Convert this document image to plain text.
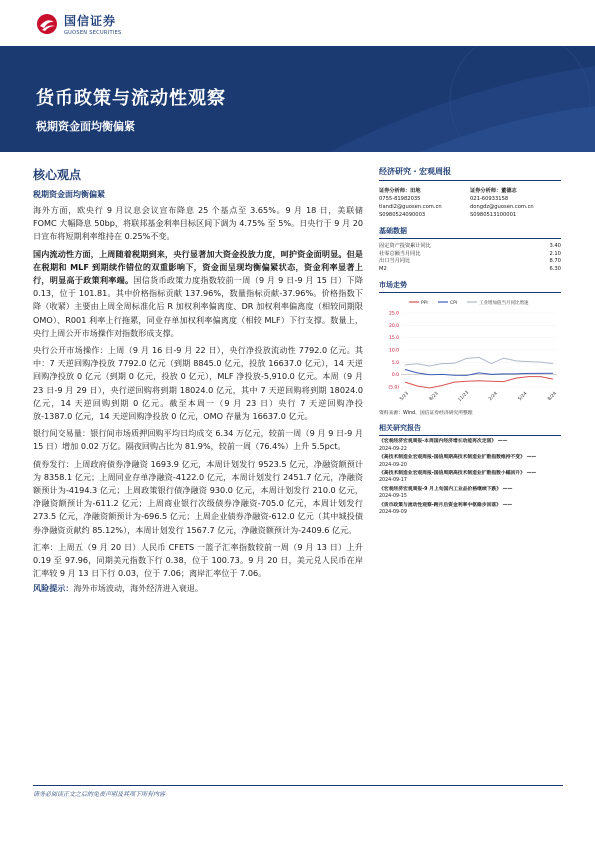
国信证券
GUOSEN SECURITIES
货币政策与流动性观察
税期资金面均衡偏紧
核心观点
税期资金面均衡偏紧
海外方面，欧央行 9 月议息会议宣布降息 25 个基点至 3.65%。9 月 18 日，美联储 FOMC 大幅降息 50bp，将联邦基金利率目标区间下调为 4.75% 至 5%。日央行于 9 月 20 日宣布将短期利率维持在 0.25%不变。
国内流动性方面，上周随着税期到来，央行显著加大资金投放力度，呵护资金面明显。但是在税期和 MLF 到期续作错位的双重影响下，资金面呈现均衡偏紧状态，资金利率显著上行，明显高于政策利率端。国信货币政策力度指数较前一周（9 月 9 日-9 月 15 日）下降 0.13，位于 101.81。其中价格指标贡献 137.96%，数量指标贡献-37.96%。价格指数下降（收紧）主要由上周全周标准化后 R 加权利率偏离度、DR 加权利率偏离度（相较同期限 OMO）、R001 利率上行拖累，同业存单加权利率偏离度（相较 MLF）下行支撑。数量上，央行上周公开市场操作对指数形成支撑。
央行公开市场操作：上周（9 月 16 日-9 月 22 日），央行净投放流动性 7792.0 亿元。其中：7 天逆回购净投放 7792.0 亿元（到期 8845.0 亿元，投放 16637.0 亿元），14 天逆回购净投放 0 亿元（到期 0 亿元，投放 0 亿元），MLF 净投放-5,910.0 亿元。本周（9 月 23 日-9 月 29 日），央行逆回购将到期 18024.0 亿元，其中 7 天逆回购将到期 18024.0 亿元，14 天逆回购到期 0 亿元。截至本周一（9 月 23 日）央行 7 天逆回购净投放-1387.0 亿元，14 天逆回购净投放 0 亿元，OMO 存量为 16637.0 亿元。
银行间交易量：银行间市场质押回购平均日均成交 6.34 万亿元，较前一周（9 月 9 日-9 月 15 日）增加 0.02 万亿。隔夜回购占比为 81.9%，较前一周（76.4%）上升 5.5pct。
债券发行：上周政府债券净融资 1693.9 亿元，本周计划发行 9523.5 亿元，净融资额预计为 8358.1 亿元；上周同业存单净融资-4122.0 亿元，本周计划发行 2451.7 亿元，净融资额预计为-4194.3 亿元；上周政策银行债净融资 930.0 亿元，本周计划发行 210.0 亿元，净融资额预计为-611.2 亿元；上周商业银行次级债券净融资-705.0 亿元，本周计划发行 273.5 亿元，净融资额预计为-696.5 亿元；上周企业债券净融资-612.0 亿元（其中城投债券净融资贡献约 85.12%），本周计划发行 1567.7 亿元，净融资额预计为-2409.6 亿元。
汇率：上周五（9 月 20 日）人民币 CFETS 一篮子汇率指数较前一周（9 月 13 日）上升 0.19 至 97.96，同期美元指数下行 0.38，位于 100.73。9 月 20 日，美元兑人民币在岸汇率较 9 月 13 日下行 0.03，位于 7.06；离岸汇率位于 7.06。
风险提示：海外市场波动，海外经济进入衰退。
经济研究・宏观周报
证券分析师：田地
0755-81982035
tiandi2@guosen.com.cn
S0980524090003
证券分析师：董德志
021-60933158
dongdz@guosen.com.cn
S0980513100001
基础数据
固定资产投资累计同比	3.40
社零总额当月同比	2.10
出口当月同比	8.70
M2	6.30
市场走势
PPI	CPI	工业增加值当月同比增速
(5.0)
0.0
5.0
10.0
15.0
20.0
25.0
5/23	8/23	11/23	2/24	5/24	8/24
资料来源：Wind、国信证券经济研究所整理
相关研究报告
《宏观经济宏观周报-本周国内经济增长动能再次走弱》 ——
2024-09-22
《高技术制造业宏观周报-国信周期高技术制造业扩散指数维持不变》 ——
2024-09-20
《高技术制造业宏观周报-国信周期高技术制造业扩散指数小幅回升》 ——
2024-09-17
《宏观经济宏观周报-9 月上旬国内工业品价格继续下跌》 ——
2024-09-15
《货币政策与流动性观察-跨月后资金利率中枢稳步回落》 ——
2024-09-09
请务必阅读正文之后的免责声明及其项下所有内容
